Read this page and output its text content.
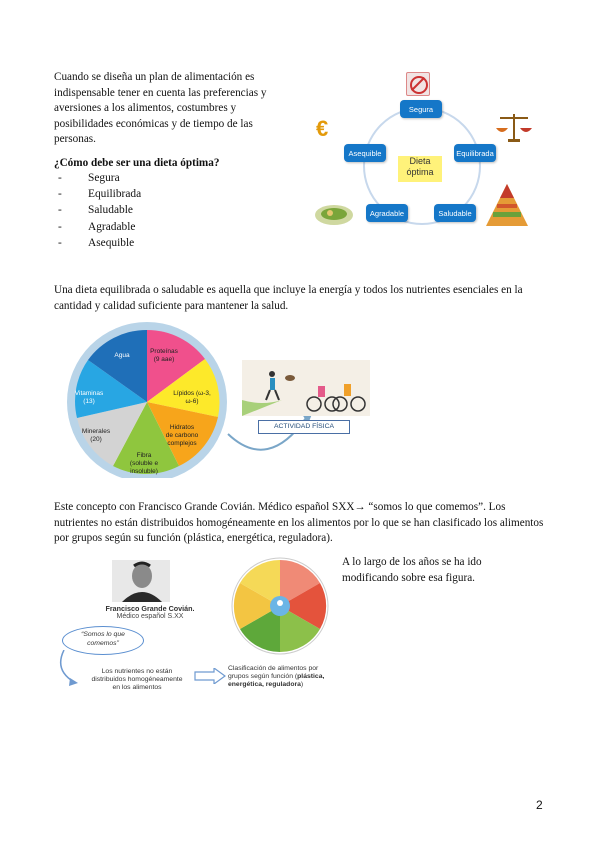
Cuando se diseña un plan de alimentación es indispensable tener en cuenta las preferencias y aversiones a los alimentos, costumbres y posibilidades económicas y de tiempo de las personas.
¿Cómo debe ser una dieta óptima?
- Segura
- Equilibrada
- Saludable
- Agradable
- Asequible
Segura
Equilibrada
Saludable
Agradable
Asequible
Dieta
óptima
€
Una dieta equilibrada o saludable es aquella que incluye la energía y todos los nutrientes esenciales en la cantidad y calidad suficiente para mantener la salud.
Agua
Proteínas
(9 aae)
Lípidos (ω-3,
ω-6)
Hidratos
de carbono
complejos
Fibra
(soluble e
insoluble)
Minerales
(20)
Vitaminas
(13)
ACTIVIDAD FÍSICA
Este concepto con Francisco Grande Covián. Médico español SXX→ “somos lo que comemos”. Los nutrientes no están distribuidos homogéneamente en los alimentos por lo que se han clasificado los alimentos por grupos según su función (plástica, energética, reguladora).
Francisco Grande Covián.
Médico español S.XX
“Somos lo que
comemos”
Los nutrientes no están
distribuidos homogéneamente
en los alimentos
Clasificación de alimentos por
grupos según función (plástica,
energética, reguladora)
A lo largo de los años se ha ido modificando sobre esa figura.
2
